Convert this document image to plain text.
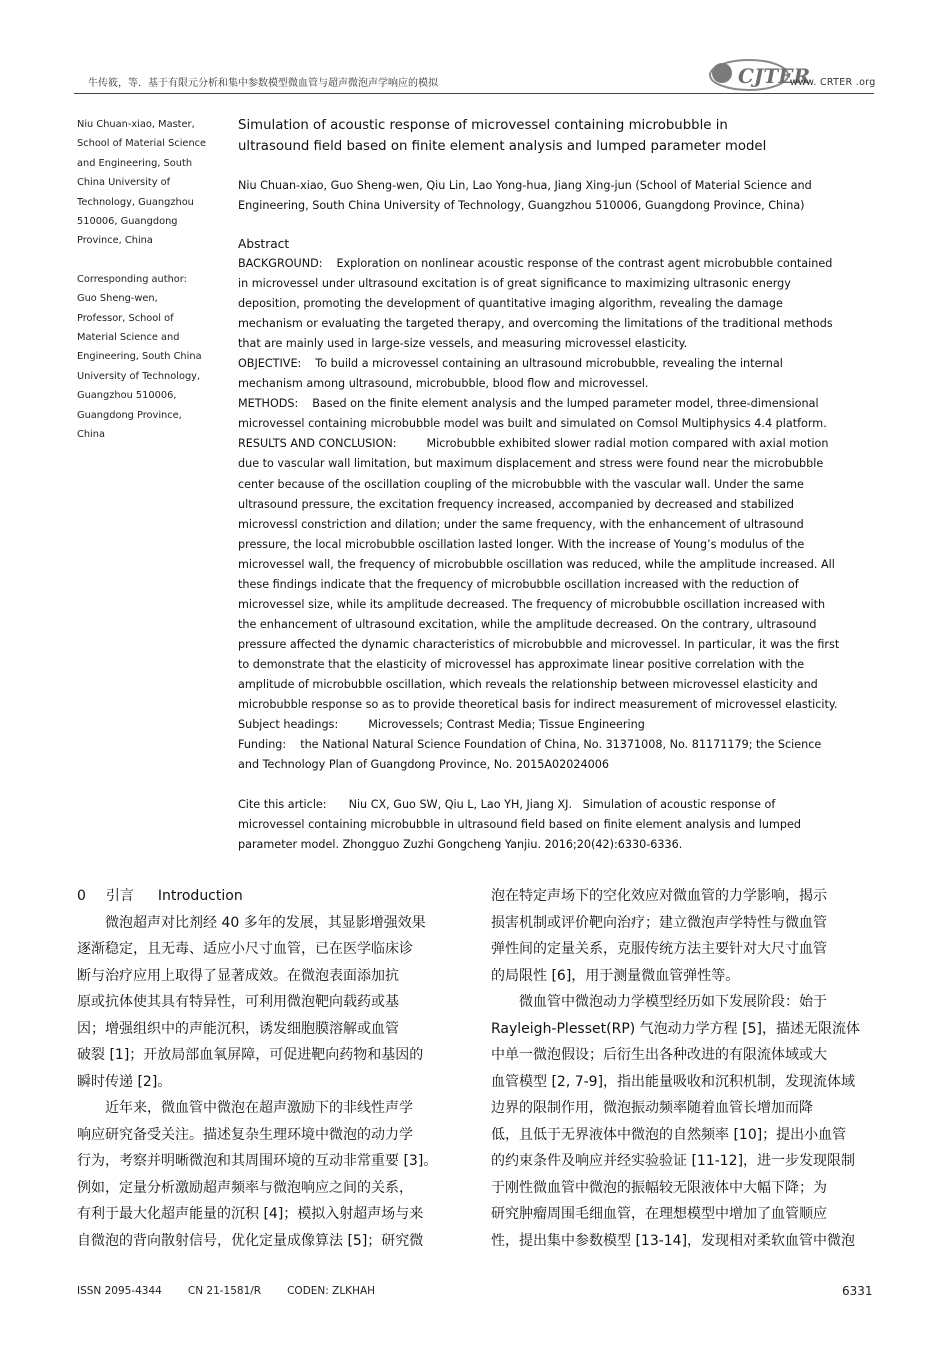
牛传筱，等．基于有限元分析和集中参数模型微血管与超声微泡声学响应的模拟	CJTER
www. CRTER .org

Niu Chuan-xiao, Master,

School of Material Science

and Engineering, South

China University of

Technology, Guangzhou

510006, Guangdong

Province, China

Corresponding author:

Guo Sheng-wen,

Professor, School of

Material Science and

Engineering, South China

University of Technology,

Guangzhou 510006,

Guangdong Province,

China

Simulation of acoustic response of microvessel containing microbubble in
ultrasound field based on finite element analysis and lumped parameter model
Niu Chuan-xiao, Guo Sheng-wen, Qiu Lin, Lao Yong-hua, Jiang Xing-jun (School of Material Science and
Engineering, South China University of Technology, Guangzhou 510006, Guangdong Province, China)
Abstract

BACKGROUND: Exploration on nonlinear acoustic response of the contrast agent microbubble contained

in microvessel under ultrasound excitation is of great significance to maximizing ultrasonic energy

deposition, promoting the development of quantitative imaging algorithm, revealing the damage

mechanism or evaluating the targeted therapy, and overcoming the limitations of the traditional methods

that are mainly used in large-size vessels, and measuring microvessel elasticity.

OBJECTIVE: To build a microvessel containing an ultrasound microbubble, revealing the internal

mechanism among ultrasound, microbubble, blood flow and microvessel.

METHODS: Based on the finite element analysis and the lumped parameter model, three-dimensional

microvessel containing microbubble model was built and simulated on Comsol Multiphysics 4.4 platform.

RESULTS AND CONCLUSION:	Microbubble exhibited slower radial motion compared with axial motion

due to vascular wall limitation, but maximum displacement and stress were found near the microbubble

center because of the oscillation coupling of the microbubble with the vascular wall. Under the same

ultrasound pressure, the excitation frequency increased, accompanied by decreased and stabilized

microvessl constriction and dilation; under the same frequency, with the enhancement of ultrasound

pressure, the local microbubble oscillation lasted longer. With the increase of Young’s modulus of the

microvessel wall, the frequency of microbubble oscillation was reduced, while the amplitude increased. All

these findings indicate that the frequency of microbubble oscillation increased with the reduction of

microvessel size, while its amplitude decreased. The frequency of microbubble oscillation increased with

the enhancement of ultrasound excitation, while the amplitude decreased. On the contrary, ultrasound

pressure affected the dynamic characteristics of microbubble and microvessel. In particular, it was the first

to demonstrate that the elasticity of microvessel has approximate linear positive correlation with the

amplitude of microbubble oscillation, which reveals the relationship between microvessel elasticity and

microbubble response so as to provide theoretical basis for indirect measurement of microvessel elasticity.

Subject headings:	Microvessels; Contrast Media; Tissue Engineering

Funding: the National Natural Science Foundation of China, No. 31371008, No. 81171179; the Science

and Technology Plan of Guangdong Province, No. 2015A02024006

Cite this article: Niu CX, Guo SW, Qiu L, Lao YH, Jiang XJ.   Simulation of acoustic response of

microvessel containing microbubble in ultrasound field based on finite element analysis and lumped

parameter model. Zhongguo Zuzhi Gongcheng Yanjiu. 2016;20(42):6330-6336.

0 引言 Introduction

微泡超声对比剂经 40 多年的发展，其显影增强效果

逐渐稳定，且无毒、适应小尺寸血管，已在医学临床诊

断与治疗应用上取得了显著成效。在微泡表面添加抗

原或抗体使其具有特异性，可利用微泡靶向载药或基

因；增强组织中的声能沉积，诱发细胞膜溶解或血管

破裂 [1]；开放局部血氧屏障，可促进靶向药物和基因的

瞬时传递 [2]。

近年来，微血管中微泡在超声激励下的非线性声学

响应研究备受关注。描述复杂生理环境中微泡的动力学

行为，考察并明晰微泡和其周围环境的互动非常重要 [3]。

例如，定量分析激励超声频率与微泡响应之间的关系，

有利于最大化超声能量的沉积 [4]；模拟入射超声场与来

自微泡的背向散射信号，优化定量成像算法 [5]；研究微

泡在特定声场下的空化效应对微血管的力学影响，揭示

损害机制或评价靶向治疗；建立微泡声学特性与微血管

弹性间的定量关系，克服传统方法主要针对大尺寸血管

的局限性 [6]，用于测量微血管弹性等。

微血管中微泡动力学模型经历如下发展阶段：始于

Rayleigh-Plesset(RP) 气泡动力学方程 [5]，描述无限流体

中单一微泡假设；后衍生出各种改进的有限流体域或大

血管模型 [2, 7-9]，指出能量吸收和沉积机制，发现流体域

边界的限制作用，微泡振动频率随着血管长增加而降

低，且低于无界液体中微泡的自然频率 [10]；提出小血管

的约束条件及响应并经实验验证 [11-12]，进一步发现限制

于刚性微血管中微泡的振幅较无限液体中大幅下降；为

研究肿瘤周围毛细血管，在理想模型中增加了血管顺应

性，提出集中参数模型 [13-14]，发现相对柔软血管中微泡

ISSN 2095-4344 CN 21-1581/R CODEN: ZLKHAH	6331
